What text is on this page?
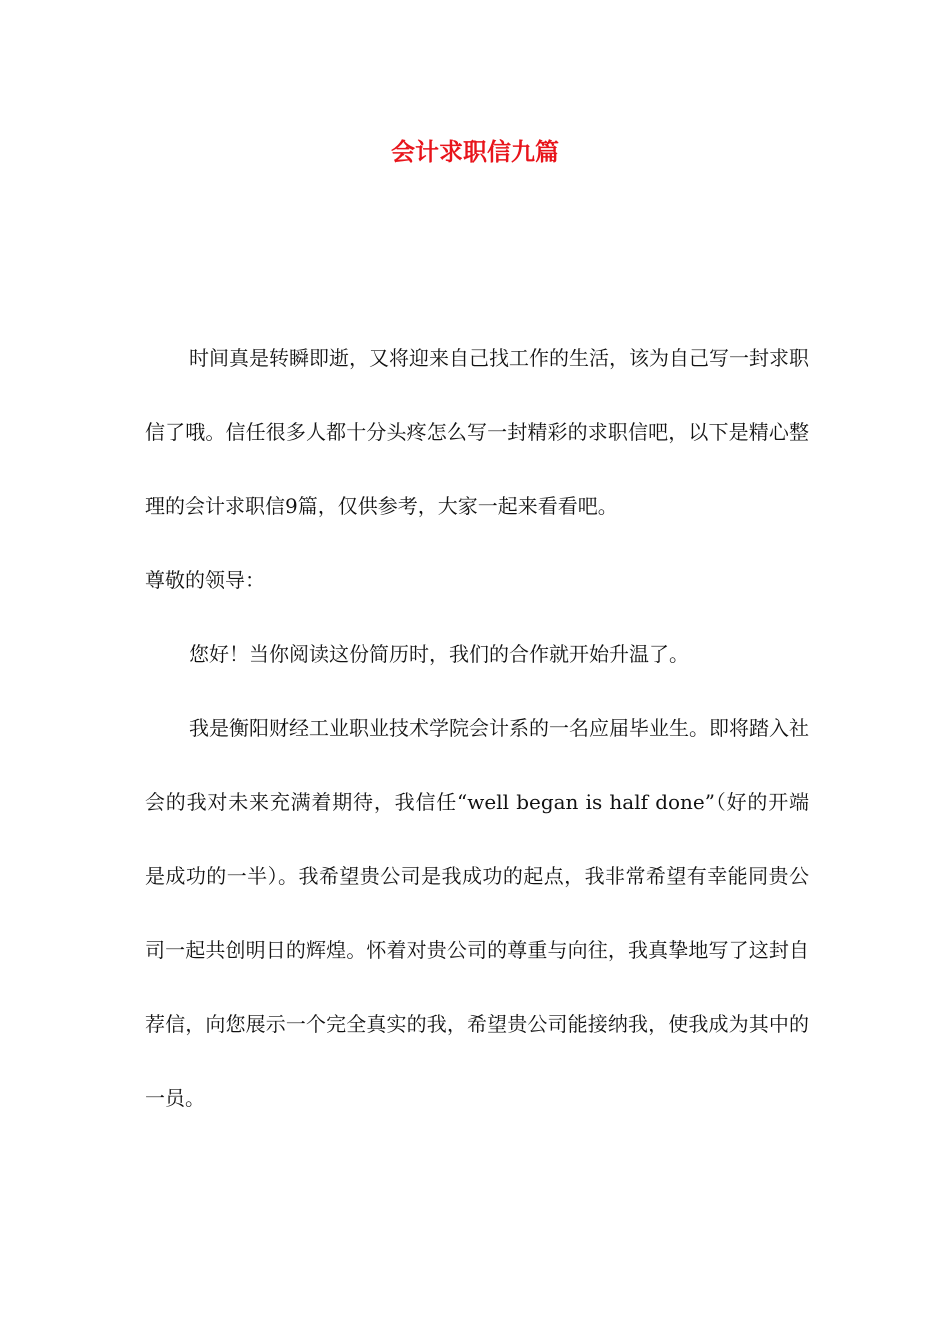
会计求职信九篇

时间真是转瞬即逝，又将迎来自己找工作的生活，该为自己写一封求职信了哦。信任很多人都十分头疼怎么写一封精彩的求职信吧，以下是精心整理的会计求职信9篇，仅供参考，大家一起来看看吧。

尊敬的领导：

您好！当你阅读这份简历时，我们的合作就开始升温了。

我是衡阳财经工业职业技术学院会计系的一名应届毕业生。即将踏入社会的我对未来充满着期待，我信任“well began is half done”（好的开端是成功的一半）。我希望贵公司是我成功的起点，我非常希望有幸能同贵公司一起共创明日的辉煌。怀着对贵公司的尊重与向往，我真挚地写了这封自荐信，向您展示一个完全真实的我，希望贵公司能接纳我，使我成为其中的一员。
